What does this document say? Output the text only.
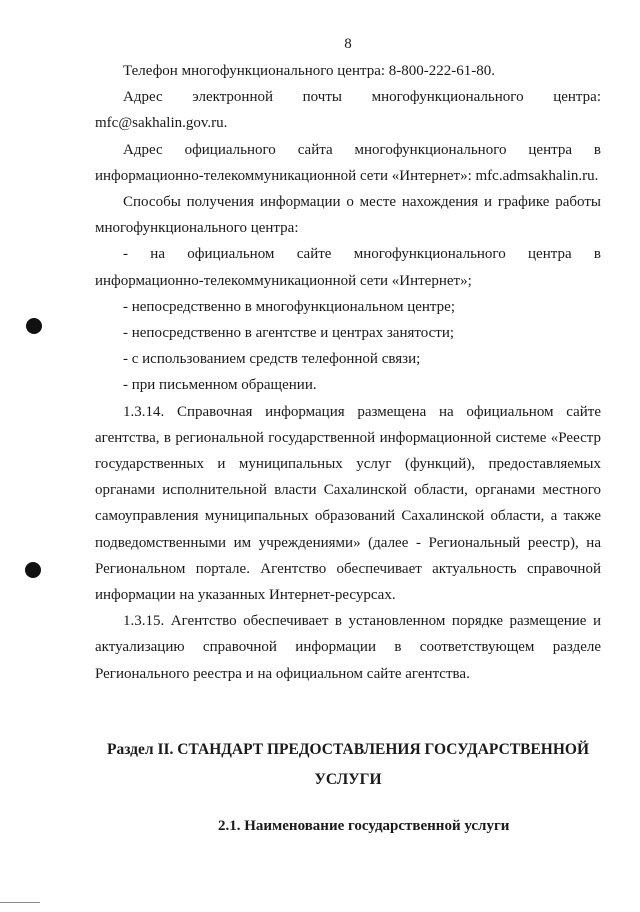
8

Телефон многофункционального центра: 8-800-222-61-80.

Адрес электронной почты многофункционального центра: mfc@sakhalin.gov.ru.

Адрес официального сайта многофункционального центра в информационно-телекоммуникационной сети «Интернет»: mfc.admsakhalin.ru.

Способы получения информации о месте нахождения и графике работы многофункционального центра:

- на официальном сайте многофункционального центра в информационно-телекоммуникационной сети «Интернет»;

- непосредственно в многофункциональном центре;

- непосредственно в агентстве и центрах занятости;

- с использованием средств телефонной связи;

- при письменном обращении.

1.3.14. Справочная информация размещена на официальном сайте агентства, в региональной государственной информационной системе «Реестр государственных и муниципальных услуг (функций), предоставляемых органами исполнительной власти Сахалинской области, органами местного самоуправления муниципальных образований Сахалинской области, а также подведомственными им учреждениями» (далее - Региональный реестр), на Региональном портале. Агентство обеспечивает актуальность справочной информации на указанных Интернет-ресурсах.

1.3.15. Агентство обеспечивает в установленном порядке размещение и актуализацию справочной информации в соответствующем разделе Регионального реестра и на официальном сайте агентства.

Раздел II. СТАНДАРТ ПРЕДОСТАВЛЕНИЯ ГОСУДАРСТВЕННОЙ УСЛУГИ
2.1. Наименование государственной услуги
